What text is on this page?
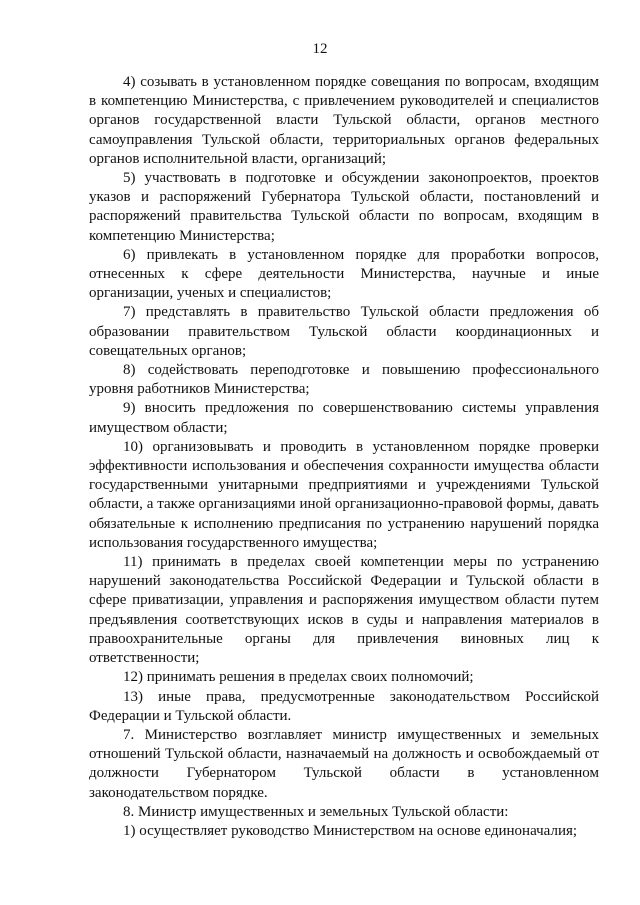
12

4) созывать в установленном порядке совещания по вопросам, входящим в компетенцию Министерства, с привлечением руководителей и специалистов органов государственной власти Тульской области, органов местного самоуправления Тульской области, территориальных органов федеральных органов исполнительной власти, организаций;

5) участвовать в подготовке и обсуждении законопроектов, проектов указов и распоряжений Губернатора Тульской области, постановлений и распоряжений правительства Тульской области по вопросам, входящим в компетенцию Министерства;

6) привлекать в установленном порядке для проработки вопросов, отнесенных к сфере деятельности Министерства, научные и иные организации, ученых и специалистов;

7) представлять в правительство Тульской области предложения об образовании правительством Тульской области координационных и совещательных органов;

8) содействовать переподготовке и повышению профессионального уровня работников Министерства;

9) вносить предложения по совершенствованию системы управления имуществом области;

10) организовывать и проводить в установленном порядке проверки эффективности использования и обеспечения сохранности имущества области государственными унитарными предприятиями и учреждениями Тульской области, а также организациями иной организационно-правовой формы, давать обязательные к исполнению предписания по устранению нарушений порядка использования государственного имущества;

11) принимать в пределах своей компетенции меры по устранению нарушений законодательства Российской Федерации и Тульской области в сфере приватизации, управления и распоряжения имуществом области путем предъявления соответствующих исков в суды и направления материалов в правоохранительные органы для привлечения виновных лиц к ответственности;

12) принимать решения в пределах своих полномочий;

13) иные права, предусмотренные законодательством Российской Федерации и Тульской области.

7. Министерство возглавляет министр имущественных и земельных отношений Тульской области, назначаемый на должность и освобождаемый от должности Губернатором Тульской области в установленном законодательством порядке.

8. Министр имущественных и земельных Тульской области:

1) осуществляет руководство Министерством на основе единоначалия;
